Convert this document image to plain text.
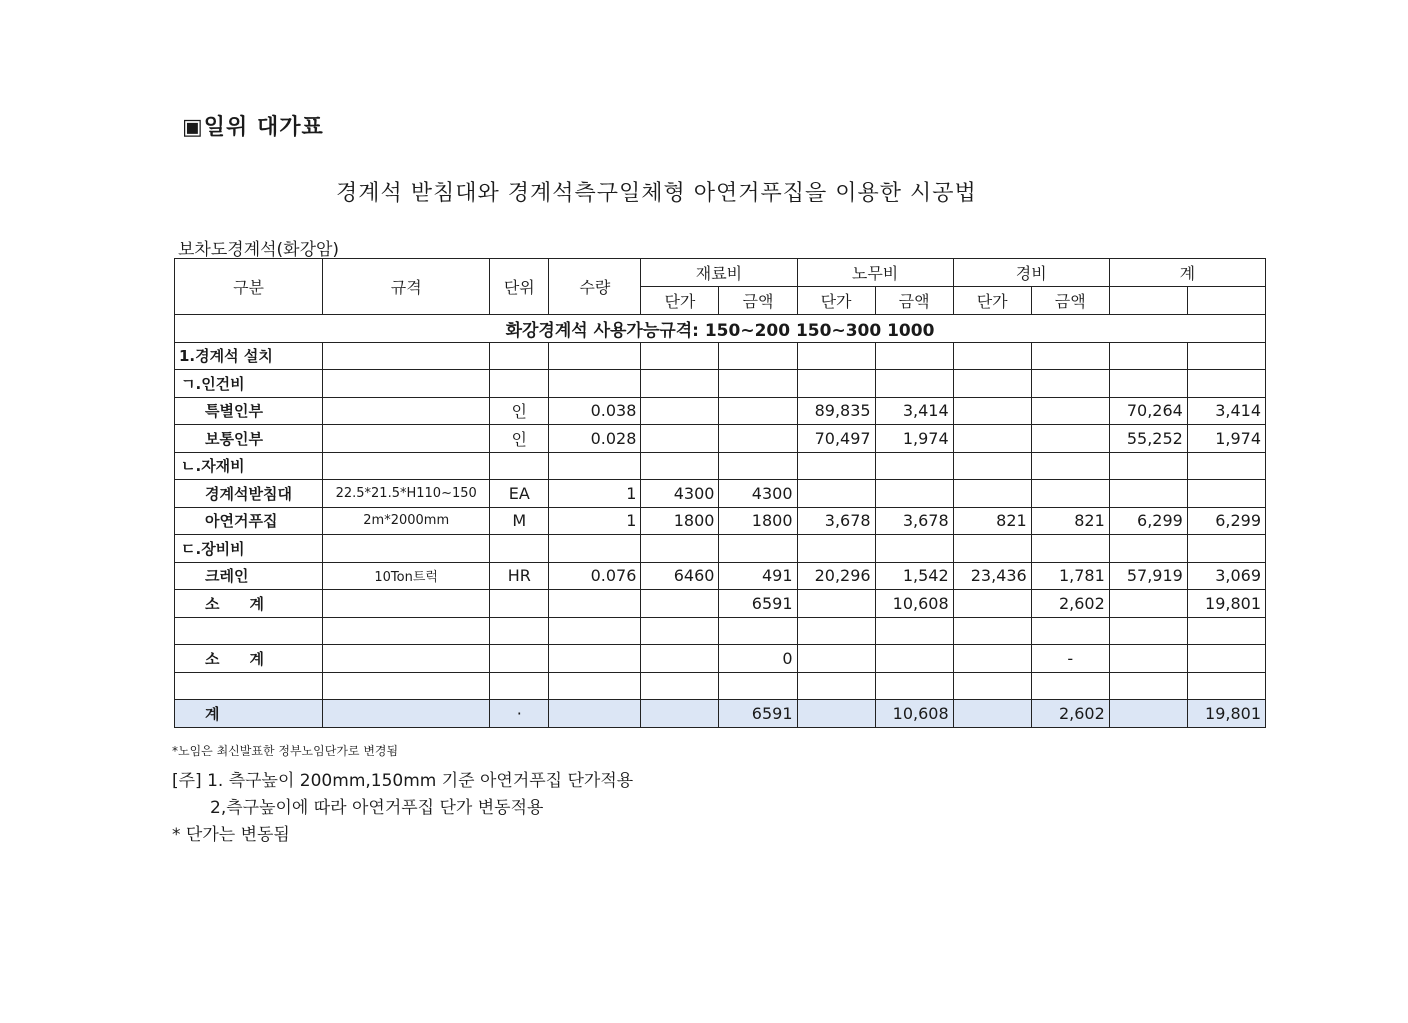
▣일위 대가표
경계석 받침대와 경계석측구일체형 아연거푸집을 이용한 시공법
보차도경계석(화강암)
구분	규격	단위	수량	재료비		노무비		경비		계	
				단가	금액	단가	금액	단가	금액		
화강경계석 사용가능규격: 150~200 150~300 1000											
1.경계석 설치											
ㄱ.인건비											
특별인부		인	0.038			89,835	3,414			70,264	3,414
보통인부		인	0.028			70,497	1,974			55,252	1,974
ㄴ.자재비											
경계석받침대	22.5*21.5*H110~150	EA	1	4300	4300						
아연거푸집	2m*2000mm	M	1	1800	1800	3,678	3,678	821	821	6,299	6,299
ㄷ.장비비											
크레인	10Ton트럭	HR	0.076	6460	491	20,296	1,542	23,436	1,781	57,919	3,069
소　　계					6591		10,608		2,602		19,801

소　　계					0				-		

계		·			6591		10,608		2,602		19,801
*노임은 최신발표한 정부노임단가로 변경됨
[주] 1. 측구높이 200mm,150mm 기준 아연거푸집 단가적용
2,측구높이에 따라 아연거푸집 단가 변동적용
* 단가는 변동됨
